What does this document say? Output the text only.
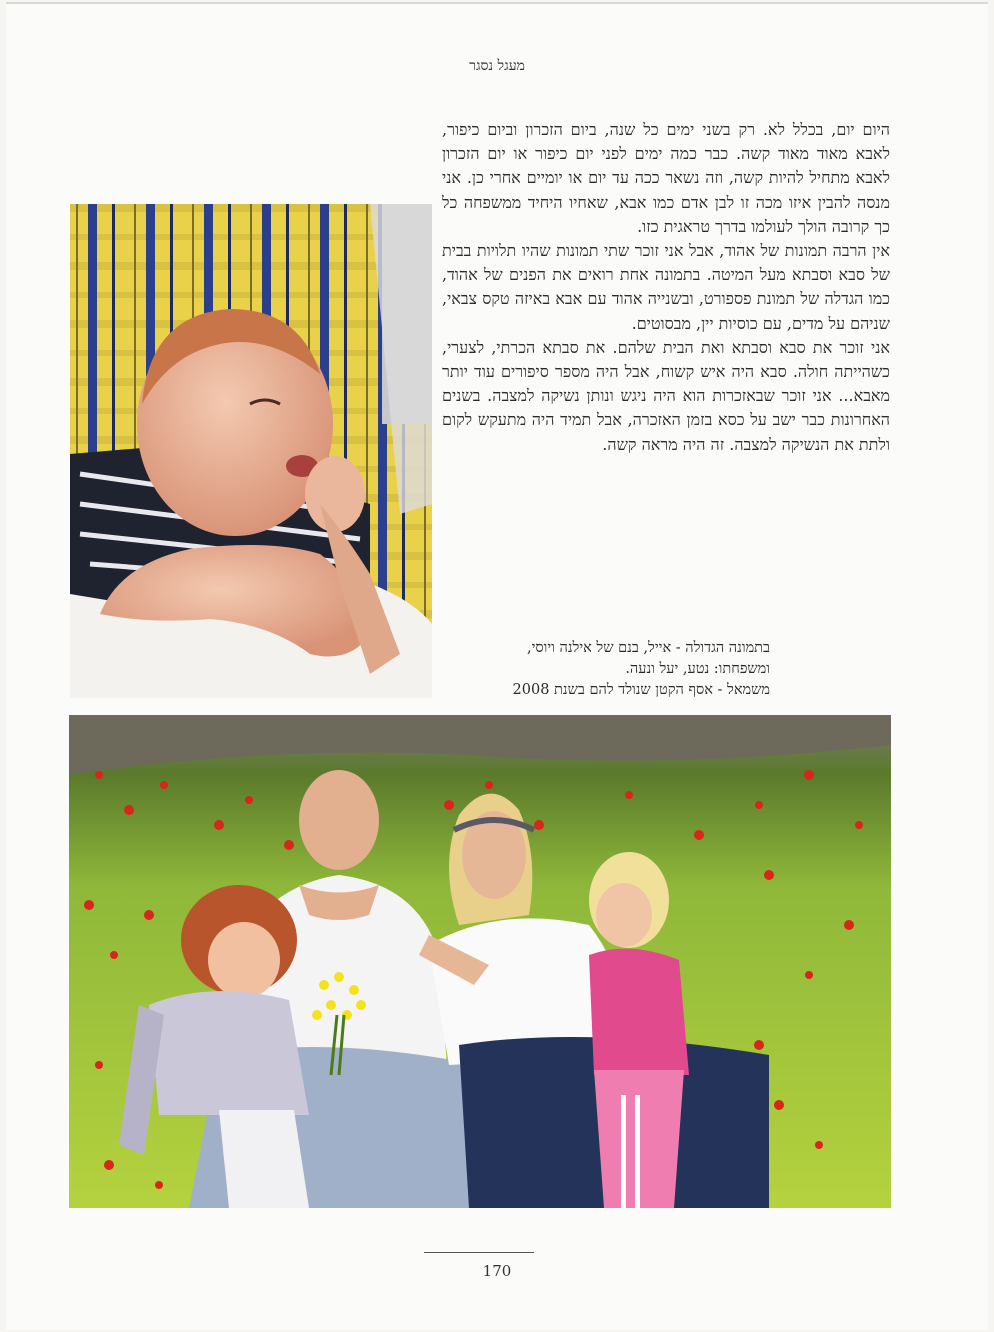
מעגל נסגר

היום יום, בכלל לא. רק בשני ימים כל שנה, ביום הזכרון וביום כיפור, לאבא מאוד מאוד קשה. כבר כמה ימים לפני יום כיפור או יום הזכרון לאבא מתחיל להיות קשה, וזה נשאר ככה עד יום או יומיים אחרי כן. אני מנסה להבין איזו מכה זו לבן אדם כמו אבא, שאחיו היחיד ממשפחה כל כך קרובה הולך לעולמו בדרך טראגית כזו.

אין הרבה תמונות של אהוד, אבל אני זוכר שתי תמונות שהיו תלויות בבית של סבא וסבתא מעל המיטה. בתמונה אחת רואים את הפנים של אהוד, כמו הגדלה של תמונת פספורט, ובשנייה אהוד עם אבא באיזה טקס צבאי, שניהם על מדים, עם כוסיות יין, מבסוטים.

אני זוכר את סבא וסבתא ואת הבית שלהם. את סבתא הכרתי, לצערי, כשהייתה חולה. סבא היה איש קשוח, אבל היה מספר סיפורים עוד יותר מאבא... אני זוכר שבאזכרות הוא היה ניגש ונותן נשיקה למצבה. בשנים האחרונות כבר ישב על כסא בזמן האזכרה, אבל תמיד היה מתעקש לקום ולתת את הנשיקה למצבה. זה היה מראה קשה.

בתמונה הגדולה - אייל, בנם של אילנה ויוסי,
ומשפחתו: נטע, יעל ונעה.
משמאל - אסף הקטן שנולד להם בשנת 2008
170
